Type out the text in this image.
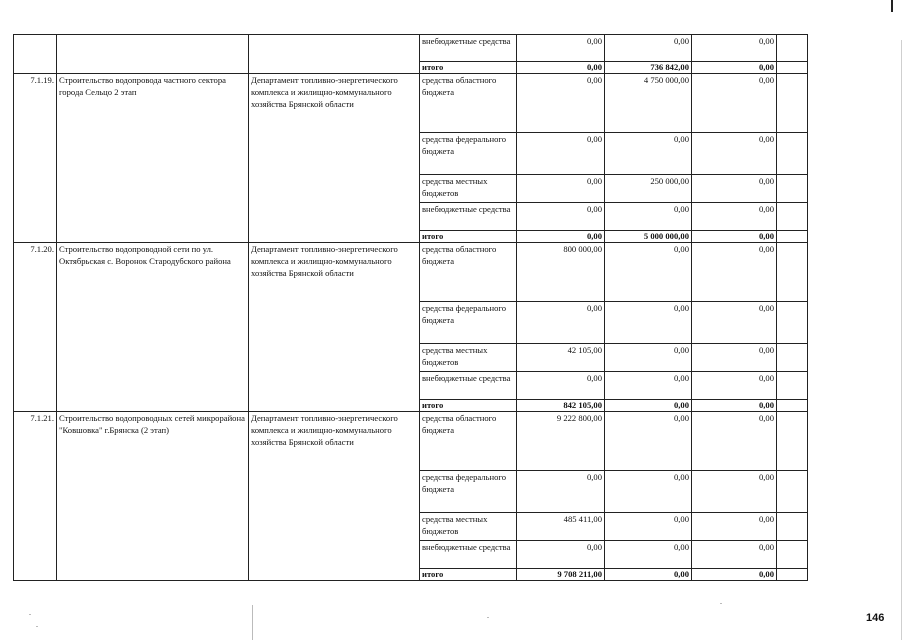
			внебюджетные средства	0,00	0,00	0,00	
			итого	0,00	736 842,00	0,00	
7.1.19.	Строительство водопровода частного сектора города Сельцо 2 этап	Департамент топливно-энергетического комплекса и жилищно-коммунального хозяйства Брянской области	средства областного бюджета	0,00	4 750 000,00	0,00	
			средства федерального бюджета	0,00	0,00	0,00	
			средства местных бюджетов	0,00	250 000,00	0,00	
			внебюджетные средства	0,00	0,00	0,00	
			итого	0,00	5 000 000,00	0,00	
7.1.20.	Строительство водопроводной сети по ул. Октябрьская с. Воронок Стародубского района	Департамент топливно-энергетического комплекса и жилищно-коммунального хозяйства Брянской области	средства областного бюджета	800 000,00	0,00	0,00	
			средства федерального бюджета	0,00	0,00	0,00	
			средства местных бюджетов	42 105,00	0,00	0,00	
			внебюджетные средства	0,00	0,00	0,00	
			итого	842 105,00	0,00	0,00	
7.1.21.	Строительство водопроводных сетей микрорайона "Ковшовка" г.Брянска (2 этап)	Департамент топливно-энергетического комплекса и жилищно-коммунального хозяйства Брянской области	средства областного бюджета	9 222 800,00	0,00	0,00	
			средства федерального бюджета	0,00	0,00	0,00	
			средства местных бюджетов	485 411,00	0,00	0,00	
			внебюджетные средства	0,00	0,00	0,00	
			итого	9 708 211,00	0,00	0,00	
146
